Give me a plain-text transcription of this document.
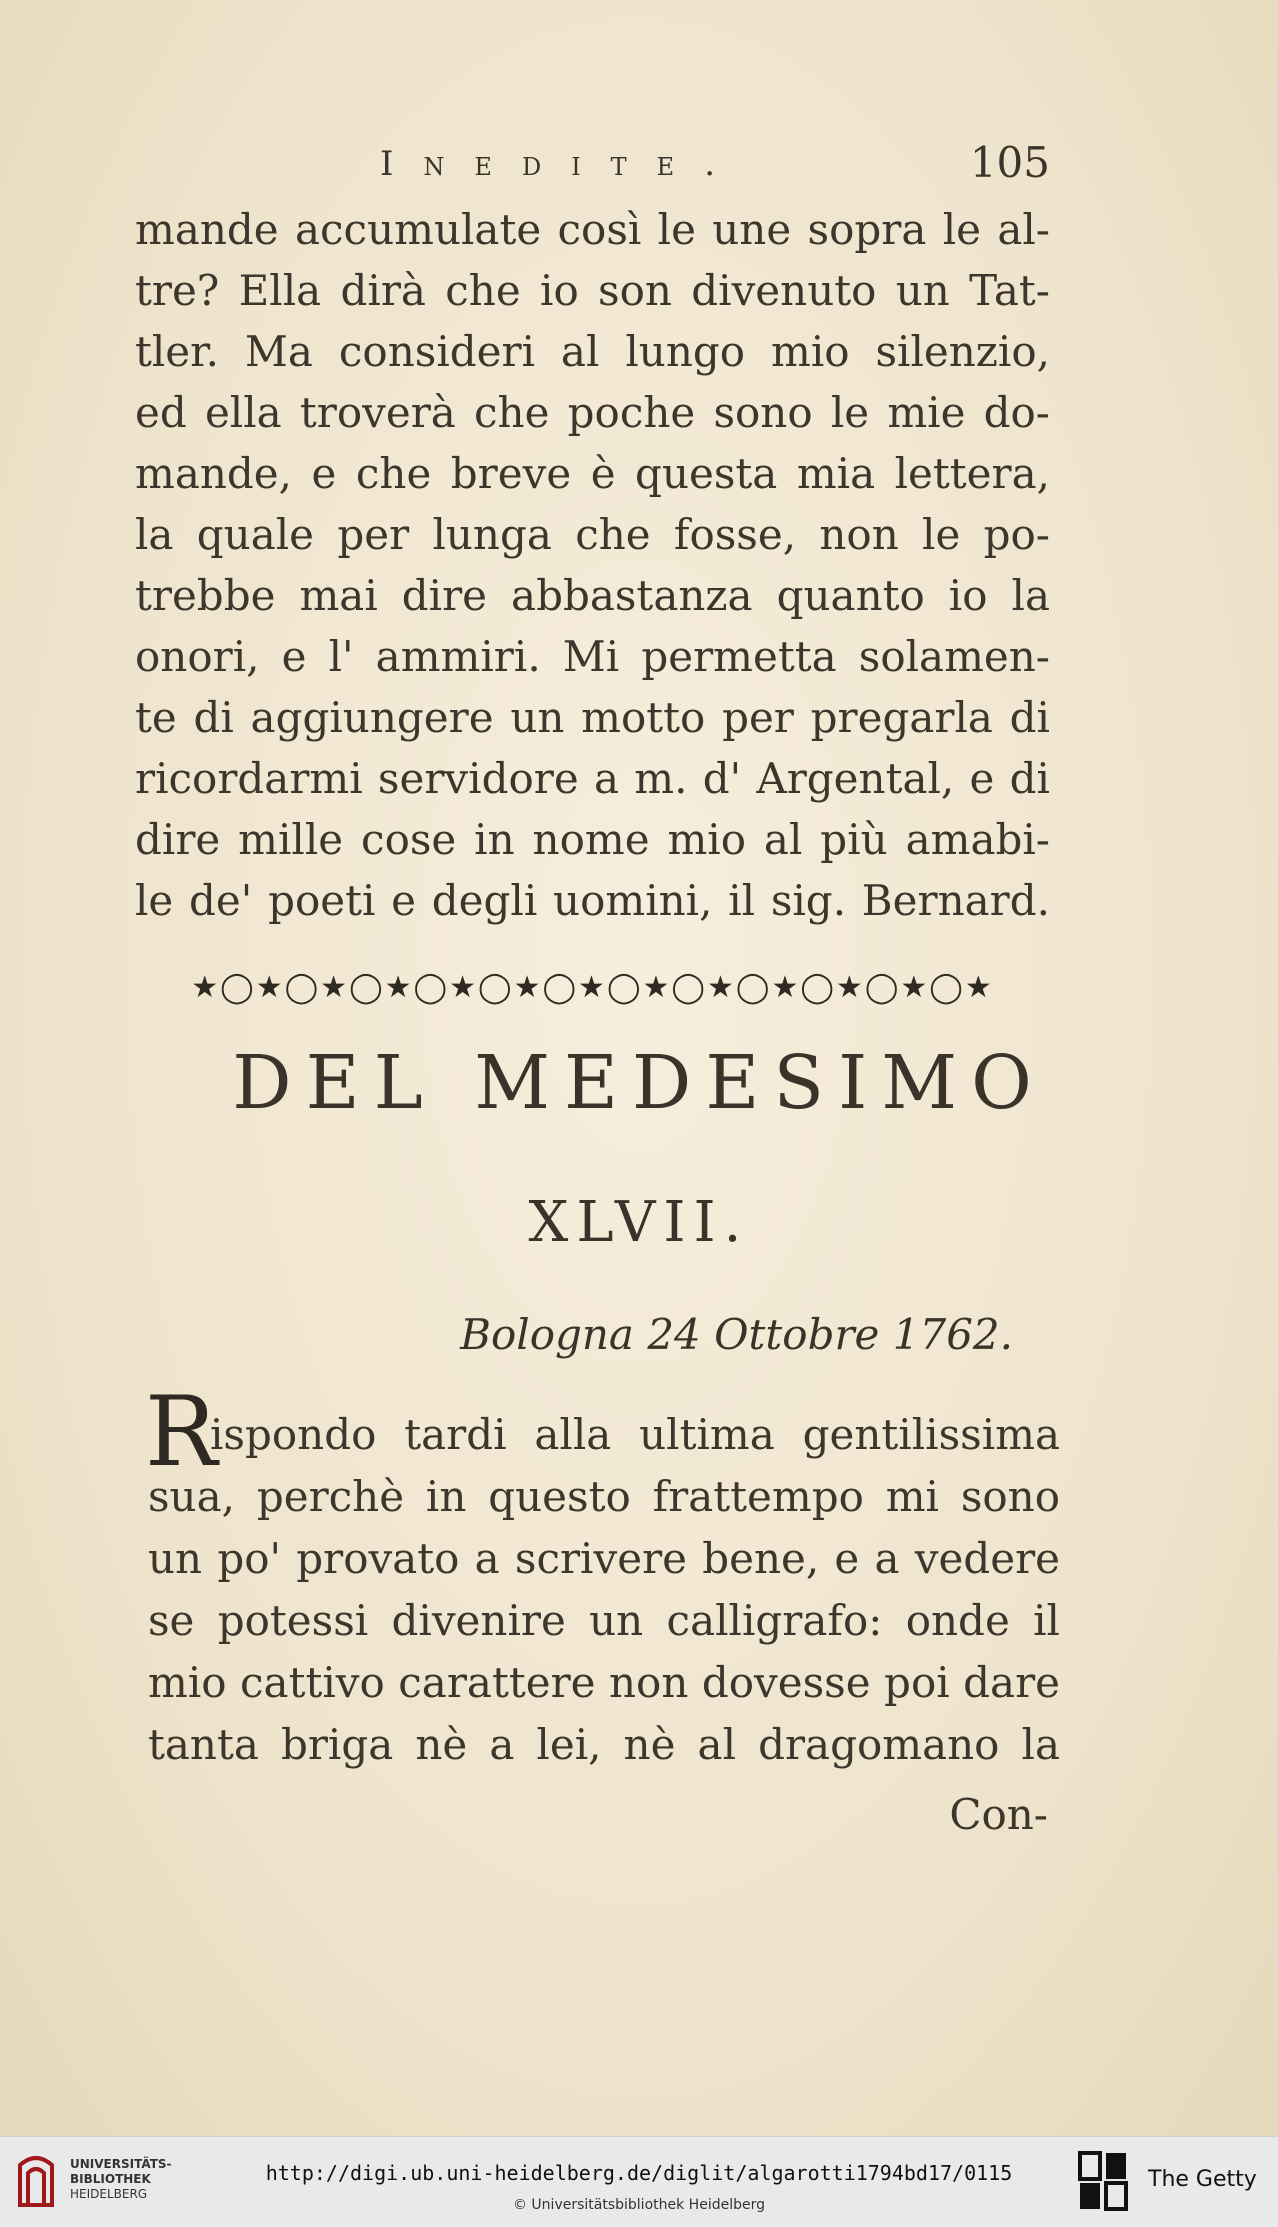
Inedite.	105
mande accumulate così le une sopra le al-
tre? Ella dirà che io son divenuto un Tat-
tler. Ma consideri al lungo mio silenzio,
ed ella troverà che poche sono le mie do-
mande, e che breve è questa mia lettera,
la quale per lunga che fosse, non le po-
trebbe mai dire abbastanza quanto io la
onori, e l' ammiri. Mi permetta solamen-
te di aggiungere un motto per pregarla di
ricordarmi servidore a m. d' Argental, e di
dire mille cose in nome mio al più amabi-
le de' poeti e degli uomini, il sig. Bernard.
★◯★◯★◯★◯★◯★◯★◯★◯★◯★◯★◯★◯★
DEL MEDESIMO
XLVII.
Bologna 24 Ottobre 1762.
R
ispondo tardi alla ultima gentilissima
sua, perchè in questo frattempo mi sono
un po' provato a scrivere bene, e a vedere
se potessi divenire un calligrafo: onde il
mio cattivo carattere non dovesse poi dare
tanta briga nè a lei, nè al dragomano la
Con-
UNIVERSITÄTS-
BIBLIOTHEK
HEIDELBERG
http://digi.ub.uni-heidelberg.de/diglit/algarotti1794bd17/0115
© Universitätsbibliothek Heidelberg
The Getty
